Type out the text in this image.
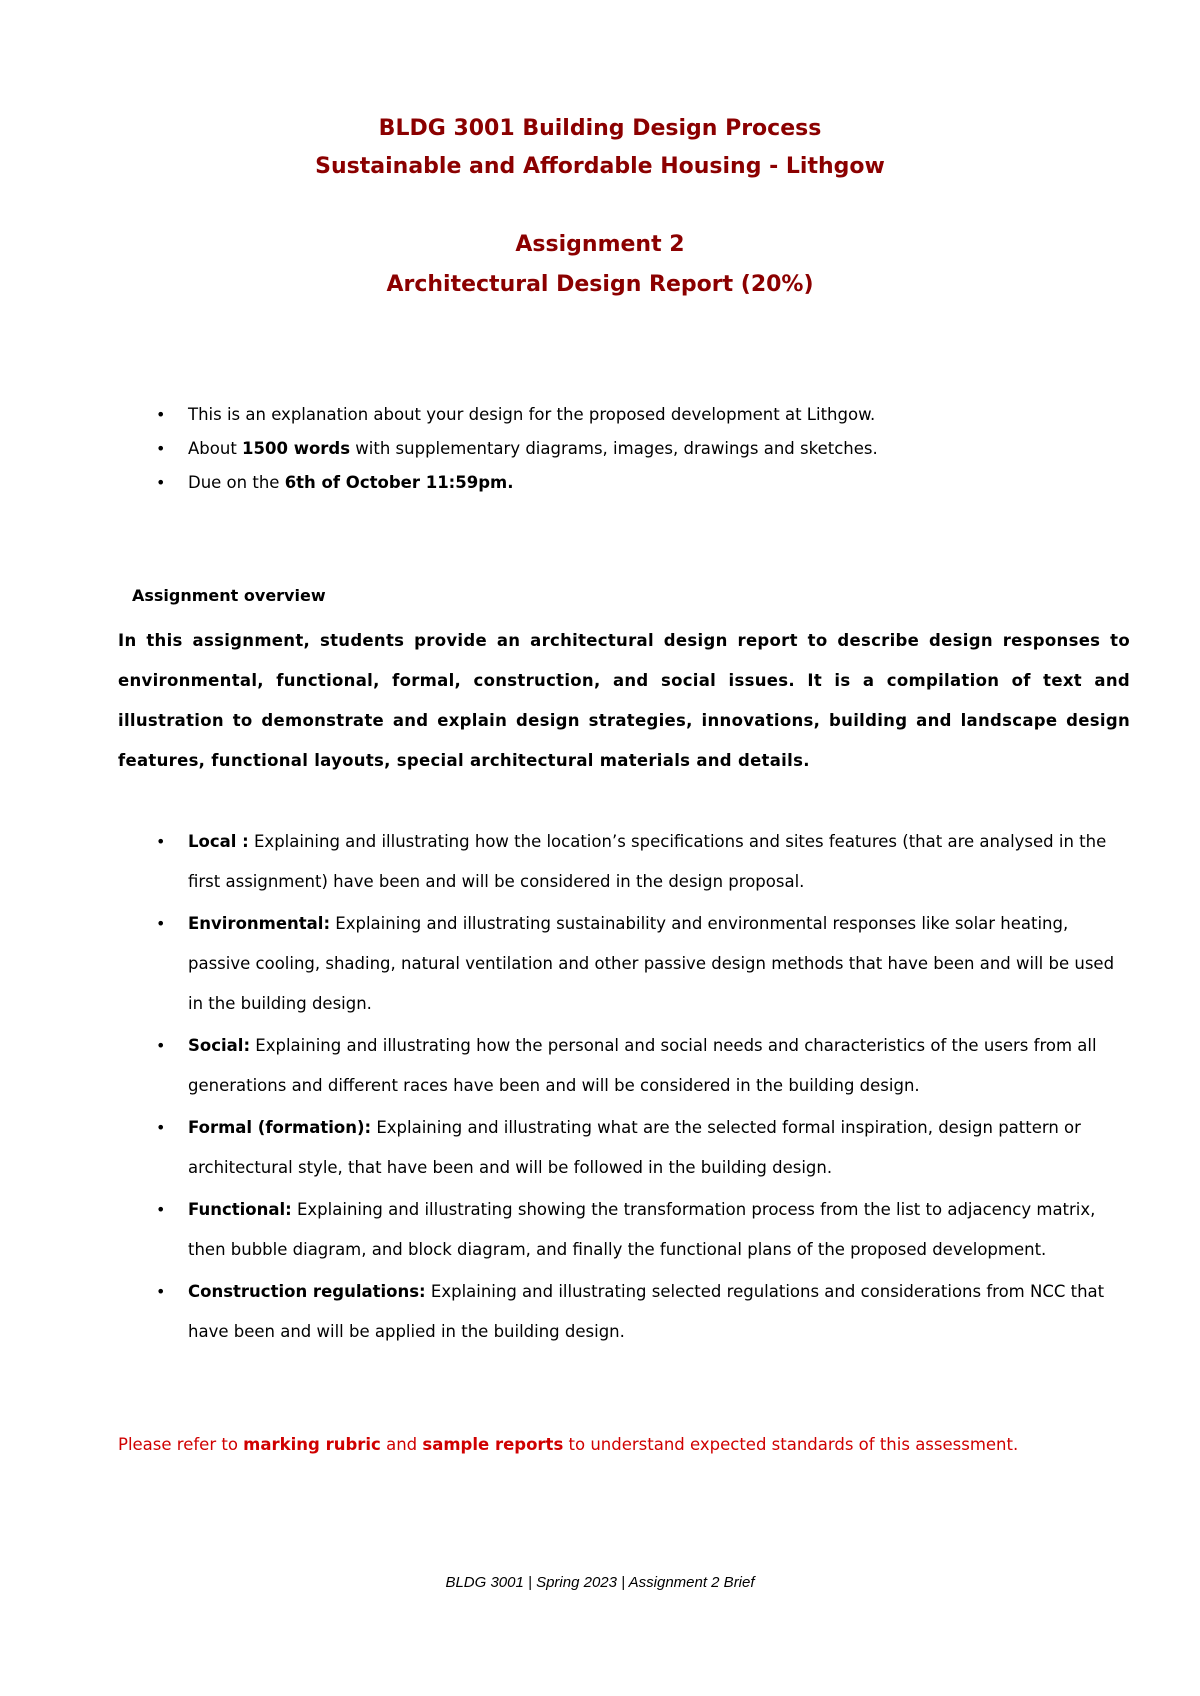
BLDG 3001 Building Design Process
Sustainable and Affordable Housing - Lithgow
Assignment 2
Architectural Design Report (20%)
• This is an explanation about your design for the proposed development at Lithgow.
• About 1500 words with supplementary diagrams, images, drawings and sketches.
• Due on the 6th of October 11:59pm.
Assignment overview
In this assignment, students provide an architectural design report to describe design responses to environmental, functional, formal, construction, and social issues. It is a compilation of text and illustration to demonstrate and explain design strategies, innovations, building and landscape design features, functional layouts, special architectural materials and details.
• Local : Explaining and illustrating how the location’s specifications and sites features (that are analysed in the first assignment) have been and will be considered in the design proposal.
• Environmental: Explaining and illustrating sustainability and environmental responses like solar heating, passive cooling, shading, natural ventilation and other passive design methods that have been and will be used in the building design.
• Social: Explaining and illustrating how the personal and social needs and characteristics of the users from all generations and different races have been and will be considered in the building design.
• Formal (formation): Explaining and illustrating what are the selected formal inspiration, design pattern or architectural style, that have been and will be followed in the building design.
• Functional: Explaining and illustrating showing the transformation process from the list to adjacency matrix, then bubble diagram, and block diagram, and finally the functional plans of the proposed development.
• Construction regulations: Explaining and illustrating selected regulations and considerations from NCC that have been and will be applied in the building design.
Please refer to marking rubric and sample reports to understand expected standards of this assessment.
BLDG 3001 | Spring 2023 | Assignment 2 Brief
